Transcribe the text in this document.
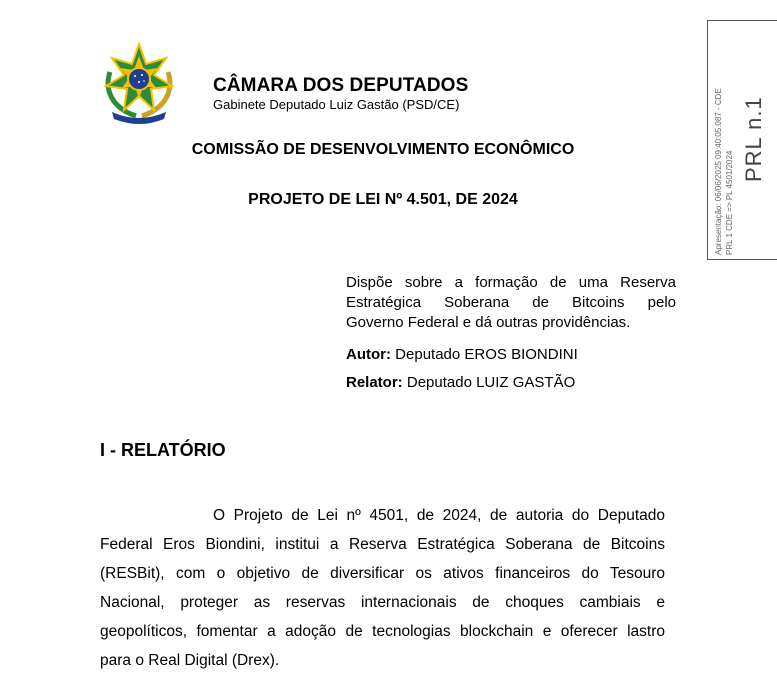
CÂMARA DOS DEPUTADOS
Gabinete Deputado Luiz Gastão (PSD/CE)
COMISSÃO DE DESENVOLVIMENTO ECONÔMICO
PROJETO DE LEI Nº 4.501, DE 2024
Dispõe sobre a formação de uma Reserva
Estratégica Soberana de Bitcoins pelo
Governo Federal e dá outras providências.
Autor: Deputado EROS BIONDINI
Relator: Deputado LUIZ GASTÃO
I - RELATÓRIO
O Projeto de Lei nº 4501, de 2024, de autoria do Deputado
Federal Eros Biondini, institui a Reserva Estratégica Soberana de Bitcoins
(RESBit), com o objetivo de diversificar os ativos financeiros do Tesouro
Nacional, proteger as reservas internacionais de choques cambiais e
geopolíticos, fomentar a adoção de tecnologias blockchain e oferecer lastro
para o Real Digital (Drex).
Apresentação: 06/06/2025 09:40:05.087 - CDE PRL 1 CDE => PL 4501/2024
PRL n.1
